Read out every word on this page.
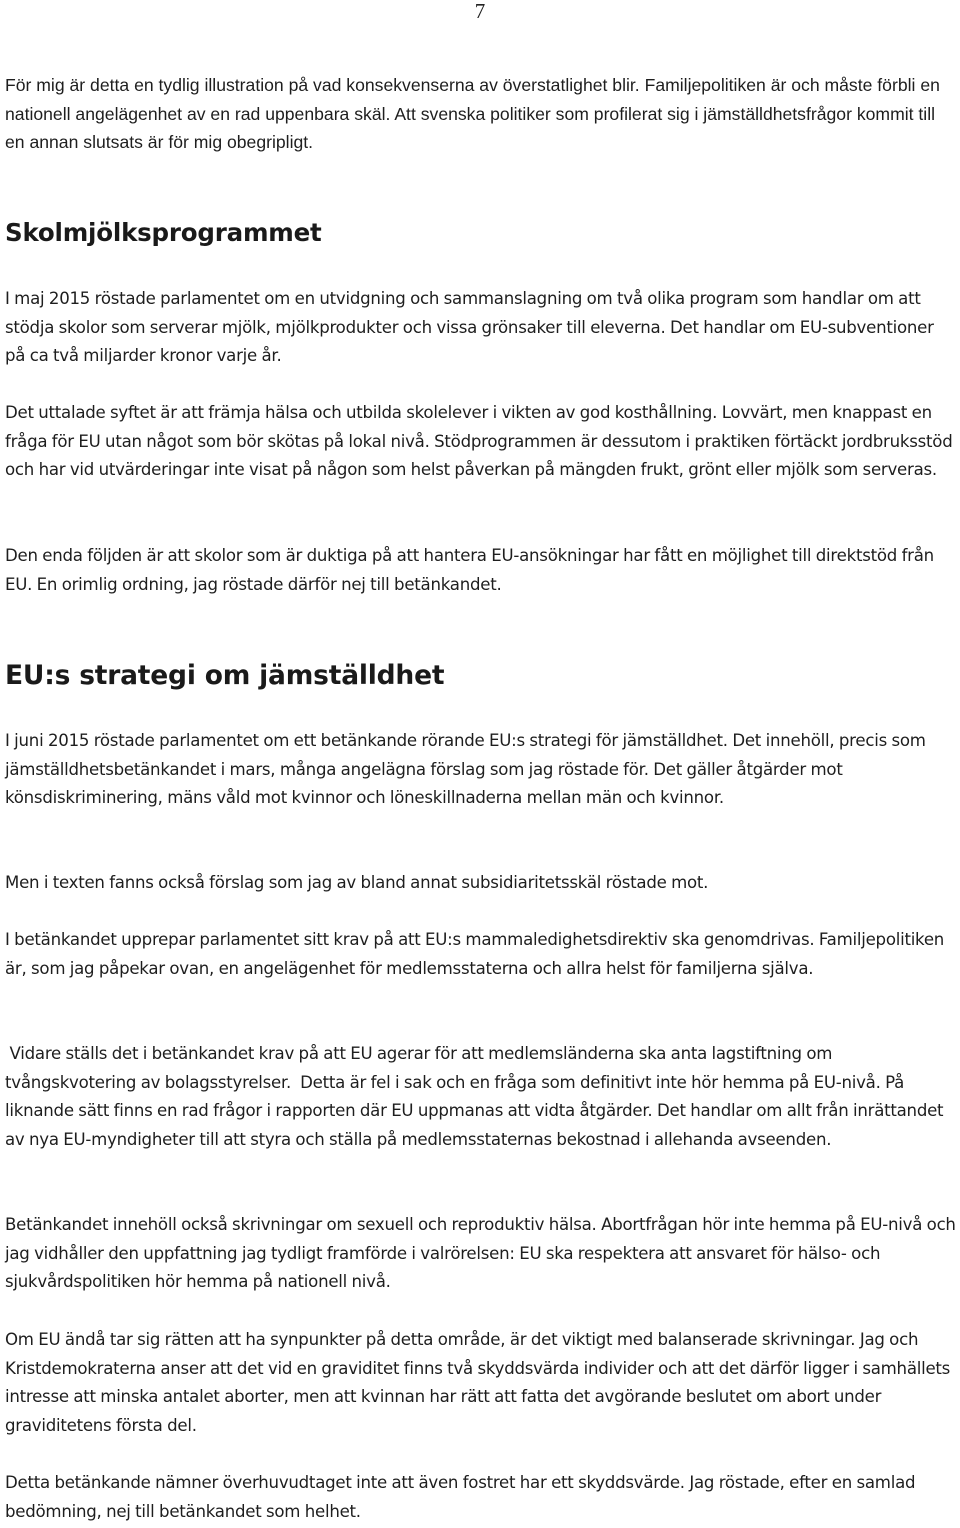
7

För mig är detta en tydlig illustration på vad konsekvenserna av överstatlighet blir. Familjepolitiken är och måste förbli en nationell angelägenhet av en rad uppenbara skäl. Att svenska politiker som profilerat sig i jämställdhetsfrågor kommit till en annan slutsats är för mig obegripligt.

Skolmjölksprogrammet

I maj 2015 röstade parlamentet om en utvidgning och sammanslagning om två olika program som handlar om att stödja skolor som serverar mjölk, mjölkprodukter och vissa grönsaker till eleverna. Det handlar om EU-subventioner på ca två miljarder kronor varje år.

Det uttalade syftet är att främja hälsa och utbilda skolelever i vikten av god kosthållning. Lovvärt, men knappast en fråga för EU utan något som bör skötas på lokal nivå. Stödprogrammen är dessutom i praktiken förtäckt jordbruksstöd och har vid utvärderingar inte visat på någon som helst påverkan på mängden frukt, grönt eller mjölk som serveras.

Den enda följden är att skolor som är duktiga på att hantera EU-ansökningar har fått en möjlighet till direktstöd från EU. En orimlig ordning, jag röstade därför nej till betänkandet.

EU:s strategi om jämställdhet

I juni 2015 röstade parlamentet om ett betänkande rörande EU:s strategi för jämställdhet. Det innehöll, precis som jämställdhetsbetänkandet i mars, många angelägna förslag som jag röstade för. Det gäller åtgärder mot könsdiskriminering, mäns våld mot kvinnor och löneskillnaderna mellan män och kvinnor.

Men i texten fanns också förslag som jag av bland annat subsidiaritetsskäl röstade mot.

I betänkandet upprepar parlamentet sitt krav på att EU:s mammaledighetsdirektiv ska genomdrivas. Familjepolitiken är, som jag påpekar ovan, en angelägenhet för medlemsstaterna och allra helst för familjerna själva.

Vidare ställs det i betänkandet krav på att EU agerar för att medlemsländerna ska anta lagstiftning om tvångskvotering av bolagsstyrelser.  Detta är fel i sak och en fråga som definitivt inte hör hemma på EU-nivå. På liknande sätt finns en rad frågor i rapporten där EU uppmanas att vidta åtgärder. Det handlar om allt från inrättandet av nya EU-myndigheter till att styra och ställa på medlemsstaternas bekostnad i allehanda avseenden.

Betänkandet innehöll också skrivningar om sexuell och reproduktiv hälsa. Abortfrågan hör inte hemma på EU-nivå och jag vidhåller den uppfattning jag tydligt framförde i valrörelsen: EU ska respektera att ansvaret för hälso- och sjukvårdspolitiken hör hemma på nationell nivå.

Om EU ändå tar sig rätten att ha synpunkter på detta område, är det viktigt med balanserade skrivningar. Jag och Kristdemokraterna anser att det vid en graviditet finns två skyddsvärda individer och att det därför ligger i samhällets intresse att minska antalet aborter, men att kvinnan har rätt att fatta det avgörande beslutet om abort under graviditetens första del.

Detta betänkande nämner överhuvudtaget inte att även fostret har ett skyddsvärde. Jag röstade, efter en samlad bedömning, nej till betänkandet som helhet.
